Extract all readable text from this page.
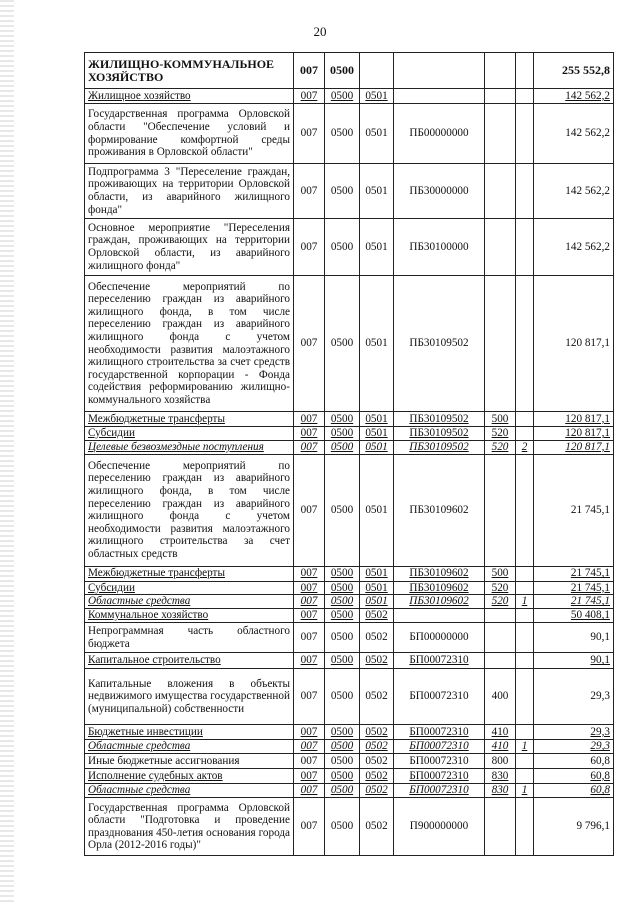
20
ЖИЛИЩНО-КОММУНАЛЬНОЕ ХОЗЯЙСТВО	007	0500					255 552,8
Жилищное хозяйство	007	0500	0501				142 562,2
Государственная программа Орловской области "Обеспечение условий и формирование комфортной среды проживания в Орловской области"	007	0500	0501	ПБ00000000			142 562,2
Подпрограмма 3 "Переселение граждан, проживающих на территории Орловской области, из аварийного жилищного фонда"	007	0500	0501	ПБ30000000			142 562,2
Основное мероприятие "Переселения граждан, проживающих на территории Орловской области, из аварийного жилищного фонда"	007	0500	0501	ПБ30100000			142 562,2
Обеспечение мероприятий по переселению граждан из аварийного жилищного фонда, в том числе переселению граждан из аварийного жилищного фонда с учетом необходимости развития малоэтажного жилищного строительства за счет средств государственной корпорации - Фонда содействия реформированию жилищно-коммунального хозяйства	007	0500	0501	ПБ30109502			120 817,1
Межбюджетные трансферты	007	0500	0501	ПБ30109502	500		120 817,1
Субсидии	007	0500	0501	ПБ30109502	520		120 817,1
Целевые безвозмездные поступления	007	0500	0501	ПБ30109502	520	2	120 817,1
Обеспечение мероприятий по переселению граждан из аварийного жилищного фонда, в том числе переселению граждан из аварийного жилищного фонда с учетом необходимости развития малоэтажного жилищного строительства за счет областных средств	007	0500	0501	ПБ30109602			21 745,1
Межбюджетные трансферты	007	0500	0501	ПБ30109602	500		21 745,1
Субсидии	007	0500	0501	ПБ30109602	520		21 745,1
Областные средства	007	0500	0501	ПБ30109602	520	1	21 745,1
Коммунальное хозяйство	007	0500	0502				50 408,1
Непрограммная часть областного бюджета	007	0500	0502	БП00000000			90,1
Капитальное строительство	007	0500	0502	БП00072310			90,1
Капитальные вложения в объекты недвижимого имущества государственной (муниципальной) собственности	007	0500	0502	БП00072310	400		29,3
Бюджетные инвестиции	007	0500	0502	БП00072310	410		29,3
Областные средства	007	0500	0502	БП00072310	410	1	29,3
Иные бюджетные ассигнования	007	0500	0502	БП00072310	800		60,8
Исполнение судебных актов	007	0500	0502	БП00072310	830		60,8
Областные средства	007	0500	0502	БП00072310	830	1	60,8
Государственная программа Орловской области "Подготовка и проведение празднования 450-летия основания города Орла (2012-2016 годы)"	007	0500	0502	П900000000			9 796,1
